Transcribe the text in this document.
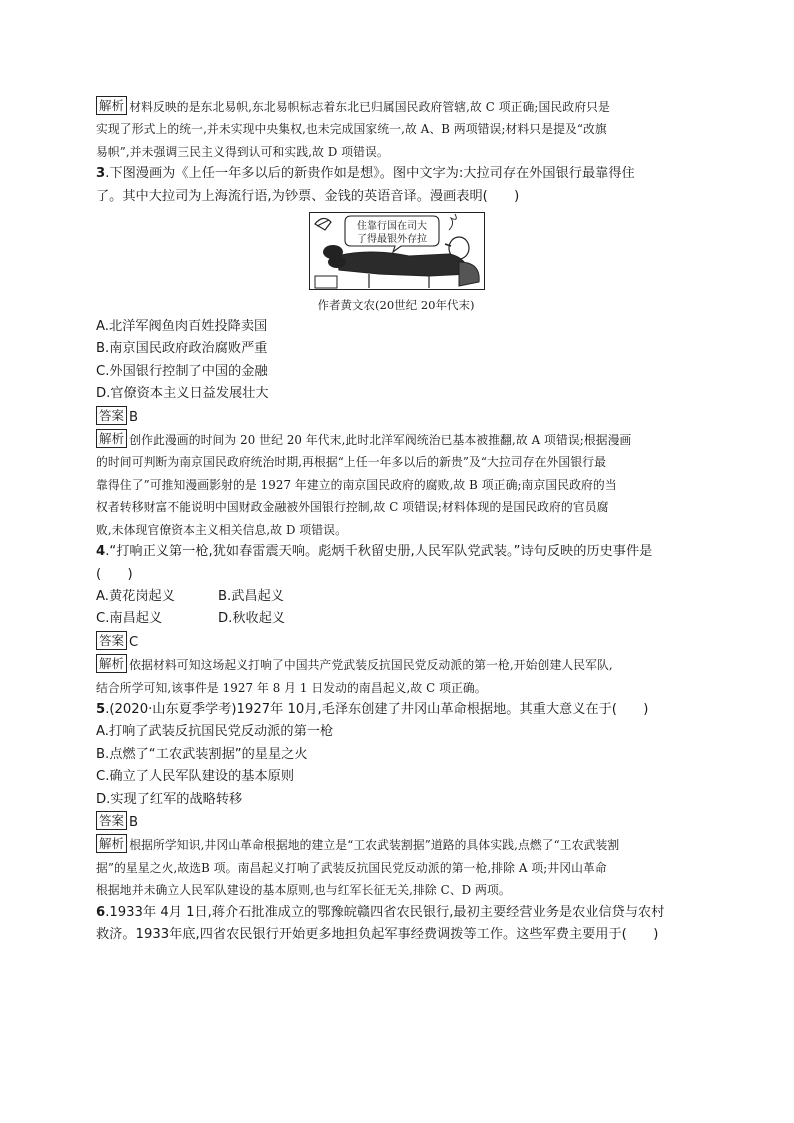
解析 材料反映的是东北易帜,东北易帜标志着东北已归属国民政府管辖,故 C 项正确;国民政府只是
实现了形式上的统一,并未实现中央集权,也未完成国家统一,故 A、B 两项错误;材料只是提及“改旗
易帜”,并未强调三民主义得到认可和实践,故 D 项错误。
3.下图漫画为《上任一年多以后的新贵作如是想》。图中文字为:大拉司存在外国银行最靠得住
了。其中大拉司为上海流行语,为钞票、金钱的英语音译。漫画表明(　　)
住靠行国在司大
了得最银外存拉
作者黄文农(20世纪 20年代末)
A.北洋军阀鱼肉百姓投降卖国
B.南京国民政府政治腐败严重
C.外国银行控制了中国的金融
D.官僚资本主义日益发展壮大
答案 B
解析 创作此漫画的时间为 20 世纪 20 年代末,此时北洋军阀统治已基本被推翻,故 A 项错误;根据漫画
的时间可判断为南京国民政府统治时期,再根据“上任一年多以后的新贵”及“大拉司存在外国银行最
靠得住了”可推知漫画影射的是 1927 年建立的南京国民政府的腐败,故 B 项正确;南京国民政府的当
权者转移财富不能说明中国财政金融被外国银行控制,故 C 项错误;材料体现的是国民政府的官员腐
败,未体现官僚资本主义相关信息,故 D 项错误。
4.“打响正义第一枪,犹如春雷震天响。彪炳千秋留史册,人民军队党武装。”诗句反映的历史事件是
(　　)
A.黄花岗起义	B.武昌起义
C.南昌起义	D.秋收起义
答案 C
解析 依据材料可知这场起义打响了中国共产党武装反抗国民党反动派的第一枪,开始创建人民军队,
结合所学可知,该事件是 1927 年 8 月 1 日发动的南昌起义,故 C 项正确。
5.(2020·山东夏季学考)1927年 10月,毛泽东创建了井冈山革命根据地。其重大意义在于(　　)
A.打响了武装反抗国民党反动派的第一枪
B.点燃了“工农武装割据”的星星之火
C.确立了人民军队建设的基本原则
D.实现了红军的战略转移
答案 B
解析 根据所学知识,井冈山革命根据地的建立是“工农武装割据”道路的具体实践,点燃了“工农武装割
据”的星星之火,故选B 项。南昌起义打响了武装反抗国民党反动派的第一枪,排除 A 项;井冈山革命
根据地并未确立人民军队建设的基本原则,也与红军长征无关,排除 C、D 两项。
6.1933年 4月 1日,蒋介石批准成立的鄂豫皖赣四省农民银行,最初主要经营业务是农业信贷与农村
救济。1933年底,四省农民银行开始更多地担负起军事经费调拨等工作。这些军费主要用于(　　)
